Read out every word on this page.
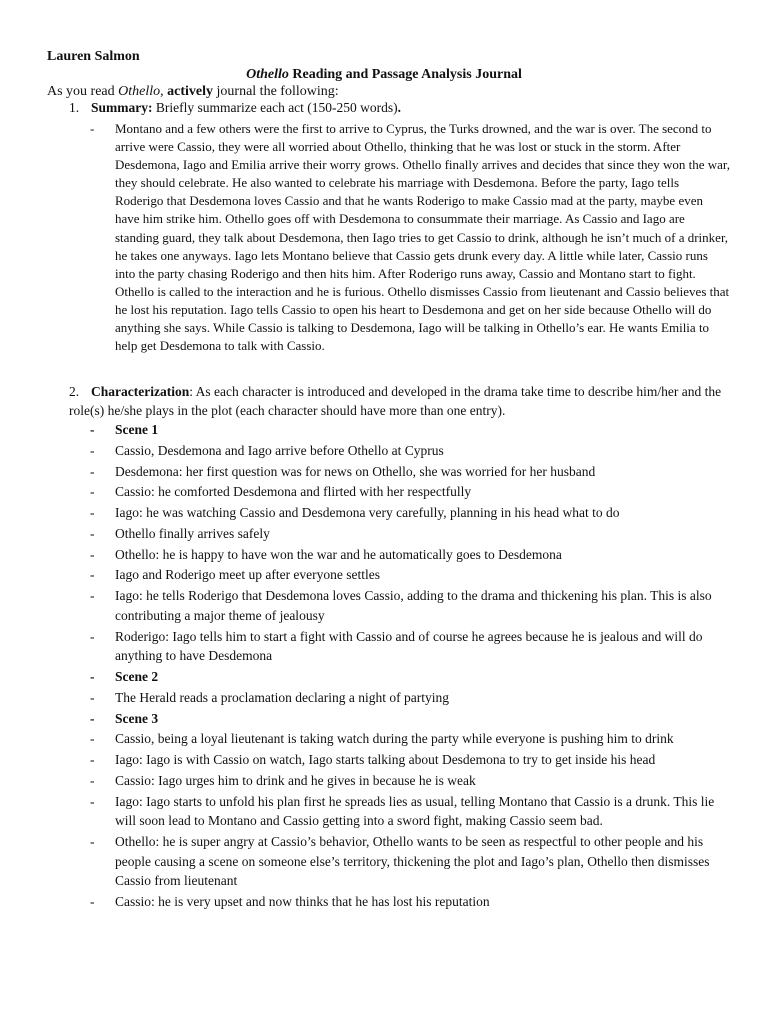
Lauren Salmon
Othello Reading and Passage Analysis Journal
As you read Othello, actively journal the following:
1. Summary: Briefly summarize each act (150-250 words).
- Montano and a few others were the first to arrive to Cyprus, the Turks drowned, and the war is over. The second to arrive were Cassio, they were all worried about Othello, thinking that he was lost or stuck in the storm. After Desdemona, Iago and Emilia arrive their worry grows. Othello finally arrives and decides that since they won the war, they should celebrate. He also wanted to celebrate his marriage with Desdemona. Before the party, Iago tells Roderigo that Desdemona loves Cassio and that he wants Roderigo to make Cassio mad at the party, maybe even have him strike him. Othello goes off with Desdemona to consummate their marriage. As Cassio and Iago are standing guard, they talk about Desdemona, then Iago tries to get Cassio to drink, although he isn’t much of a drinker, he takes one anyways. Iago lets Montano believe that Cassio gets drunk every day. A little while later, Cassio runs into the party chasing Roderigo and then hits him. After Roderigo runs away, Cassio and Montano start to fight. Othello is called to the interaction and he is furious. Othello dismisses Cassio from lieutenant and Cassio believes that he lost his reputation. Iago tells Cassio to open his heart to Desdemona and get on her side because Othello will do anything she says. While Cassio is talking to Desdemona, Iago will be talking in Othello’s ear. He wants Emilia to help get Desdemona to talk with Cassio.
2. Characterization: As each character is introduced and developed in the drama take time to describe him/her and the role(s) he/she plays in the plot (each character should have more than one entry).
- Scene 1
- Cassio, Desdemona and Iago arrive before Othello at Cyprus
- Desdemona: her first question was for news on Othello, she was worried for her husband
- Cassio: he comforted Desdemona and flirted with her respectfully
- Iago: he was watching Cassio and Desdemona very carefully, planning in his head what to do
- Othello finally arrives safely
- Othello: he is happy to have won the war and he automatically goes to Desdemona
- Iago and Roderigo meet up after everyone settles
- Iago: he tells Roderigo that Desdemona loves Cassio, adding to the drama and thickening his plan. This is also contributing a major theme of jealousy
- Roderigo: Iago tells him to start a fight with Cassio and of course he agrees because he is jealous and will do anything to have Desdemona
- Scene 2
- The Herald reads a proclamation declaring a night of partying
- Scene 3
- Cassio, being a loyal lieutenant is taking watch during the party while everyone is pushing him to drink
- Iago: Iago is with Cassio on watch, Iago starts talking about Desdemona to try to get inside his head
- Cassio: Iago urges him to drink and he gives in because he is weak
- Iago: Iago starts to unfold his plan first he spreads lies as usual, telling Montano that Cassio is a drunk. This lie will soon lead to Montano and Cassio getting into a sword fight, making Cassio seem bad.
- Othello: he is super angry at Cassio’s behavior, Othello wants to be seen as respectful to other people and his people causing a scene on someone else’s territory, thickening the plot and Iago’s plan, Othello then dismisses Cassio from lieutenant
- Cassio: he is very upset and now thinks that he has lost his reputation
